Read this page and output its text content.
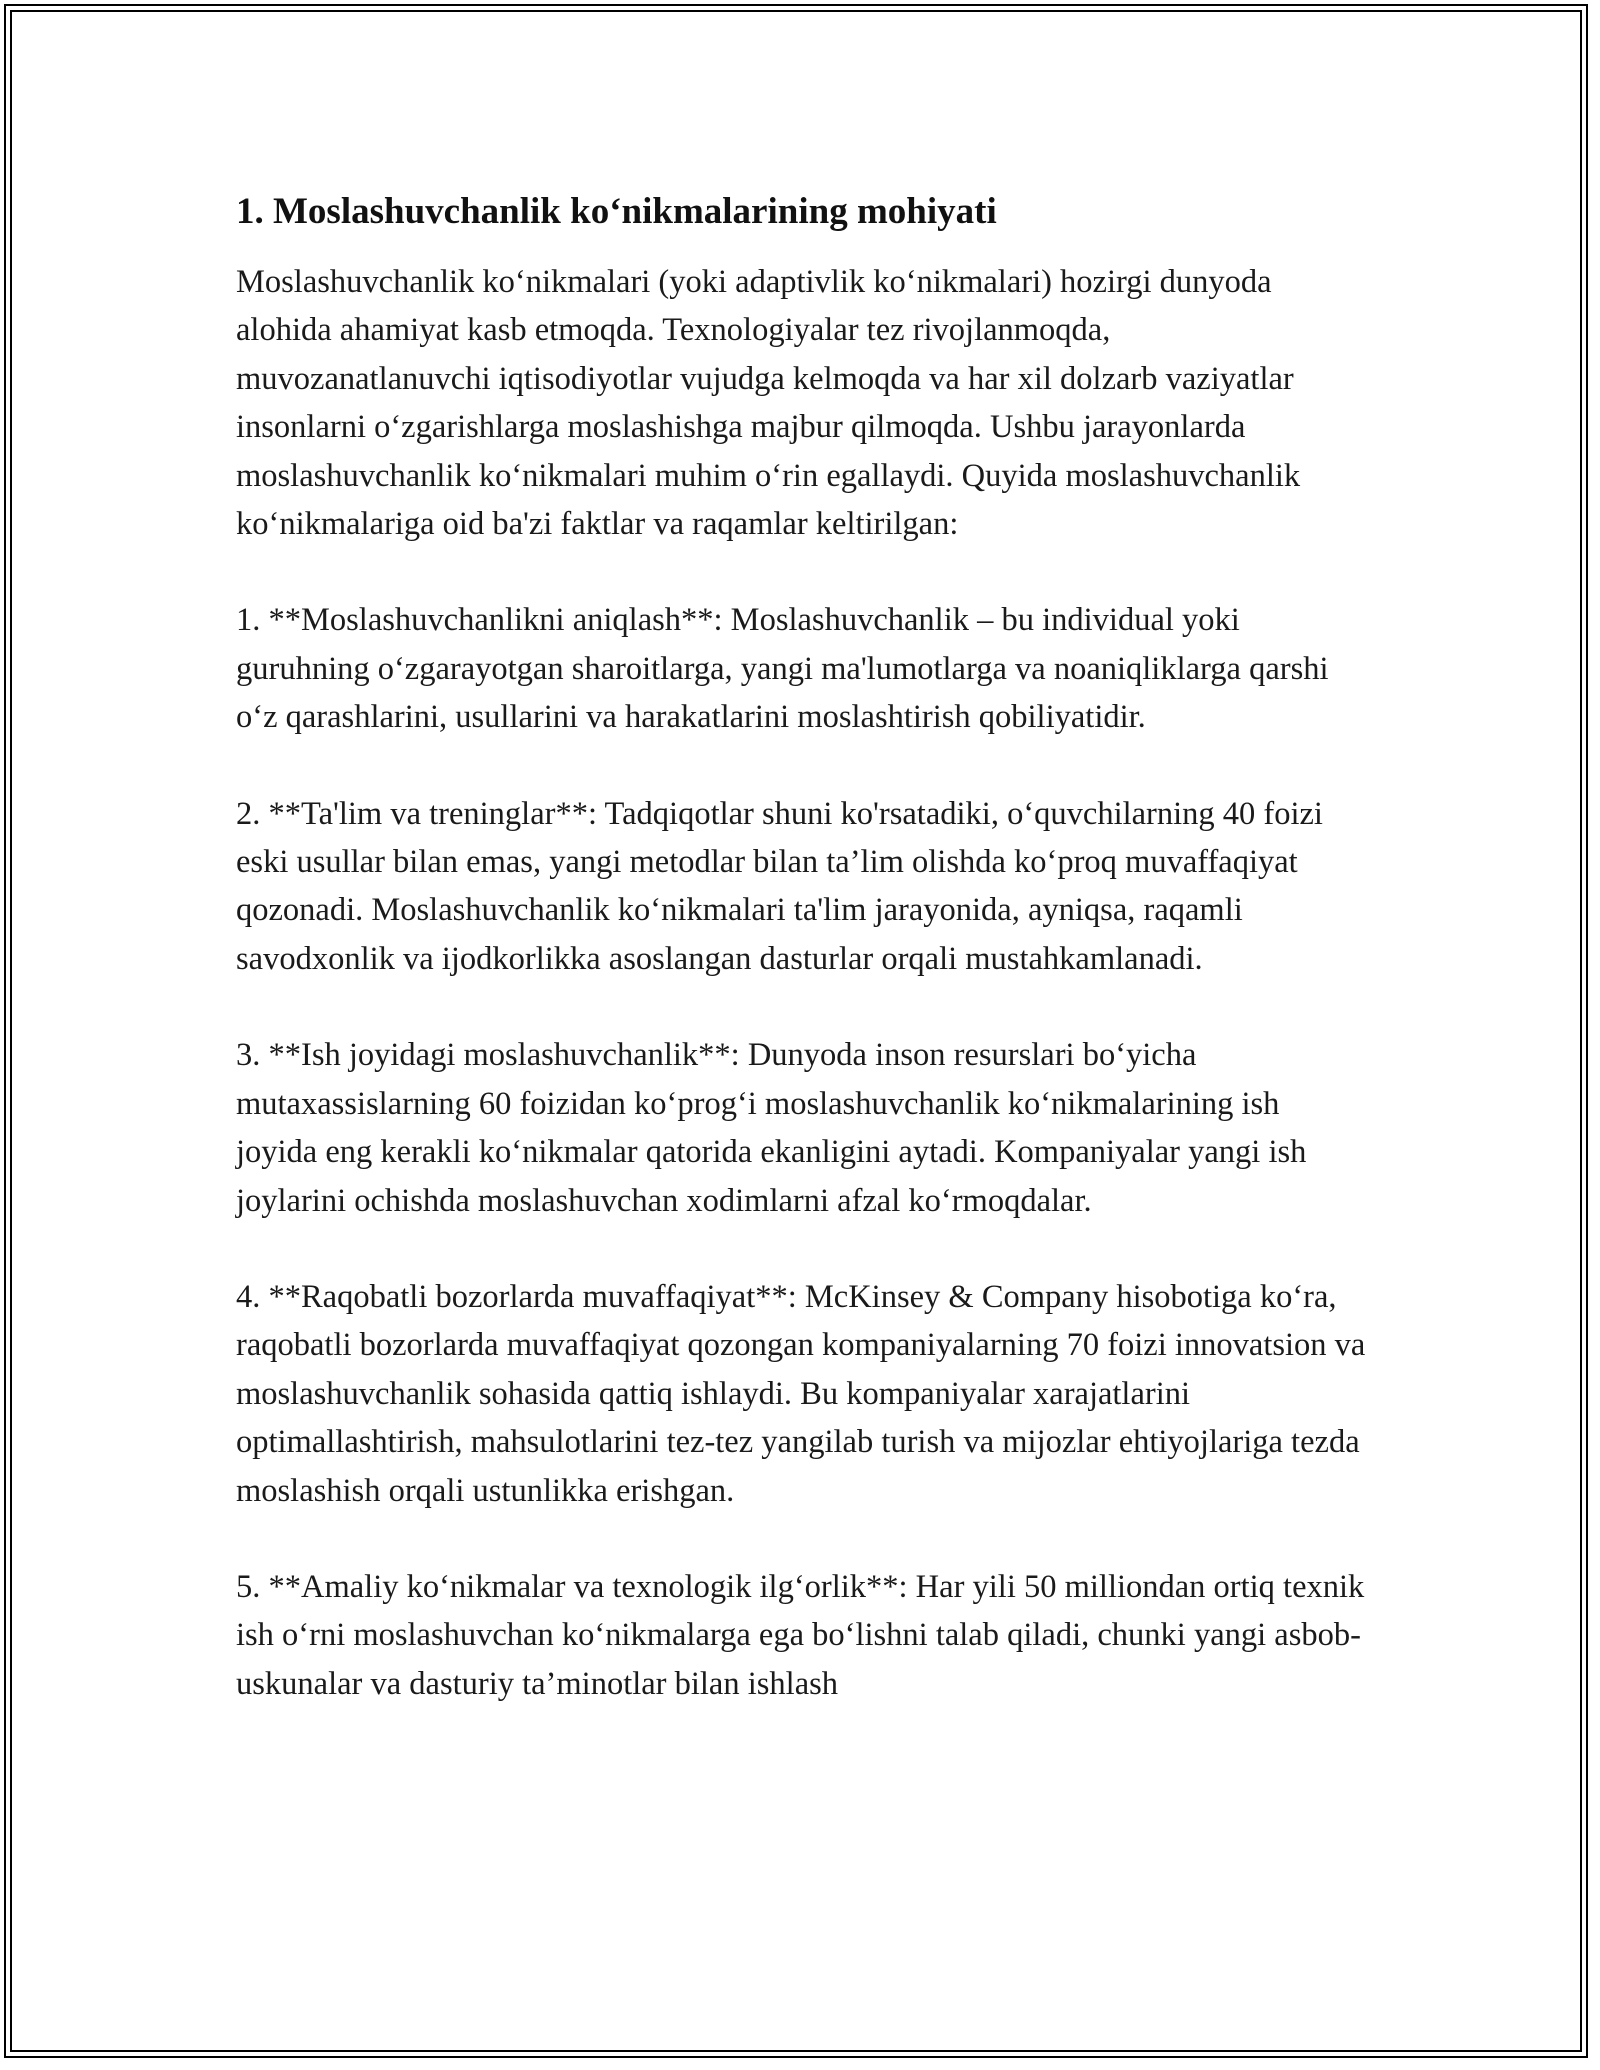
1. Moslashuvchanlik ko‘nikmalarining mohiyati

Moslashuvchanlik ko‘nikmalari (yoki adaptivlik ko‘nikmalari) hozirgi dunyoda alohida ahamiyat kasb etmoqda. Texnologiyalar tez rivojlanmoqda, muvozanatlanuvchi iqtisodiyotlar vujudga kelmoqda va har xil dolzarb vaziyatlar insonlarni o‘zgarishlarga moslashishga majbur qilmoqda. Ushbu jarayonlarda moslashuvchanlik ko‘nikmalari muhim o‘rin egallaydi. Quyida moslashuvchanlik ko‘nikmalariga oid ba'zi faktlar va raqamlar keltirilgan:

1. **Moslashuvchanlikni aniqlash**: Moslashuvchanlik – bu individual yoki guruhning o‘zgarayotgan sharoitlarga, yangi ma'lumotlarga va noaniqliklarga qarshi o‘z qarashlarini, usullarini va harakatlarini moslashtirish qobiliyatidir.

2. **Ta'lim va treninglar**: Tadqiqotlar shuni ko'rsatadiki, o‘quvchilarning 40 foizi eski usullar bilan emas, yangi metodlar bilan ta’lim olishda ko‘proq muvaffaqiyat qozonadi. Moslashuvchanlik ko‘nikmalari ta'lim jarayonida, ayniqsa, raqamli savodxonlik va ijodkorlikka asoslangan dasturlar orqali mustahkamlanadi.

3. **Ish joyidagi moslashuvchanlik**: Dunyoda inson resurslari bo‘yicha mutaxassislarning 60 foizidan ko‘prog‘i moslashuvchanlik ko‘nikmalarining ish joyida eng kerakli ko‘nikmalar qatorida ekanligini aytadi. Kompaniyalar yangi ish joylarini ochishda moslashuvchan xodimlarni afzal ko‘rmoqdalar.

4. **Raqobatli bozorlarda muvaffaqiyat**: McKinsey & Company hisobotiga ko‘ra, raqobatli bozorlarda muvaffaqiyat qozongan kompaniyalarning 70 foizi innovatsion va moslashuvchanlik sohasida qattiq ishlaydi. Bu kompaniyalar xarajatlarini optimallashtirish, mahsulotlarini tez-tez yangilab turish va mijozlar ehtiyojlariga tezda moslashish orqali ustunlikka erishgan.

5. **Amaliy ko‘nikmalar va texnologik ilg‘orlik**: Har yili 50 milliondan ortiq texnik ish o‘rni moslashuvchan ko‘nikmalarga ega bo‘lishni talab qiladi, chunki yangi asbob-uskunalar va dasturiy ta’minotlar bilan ishlash
